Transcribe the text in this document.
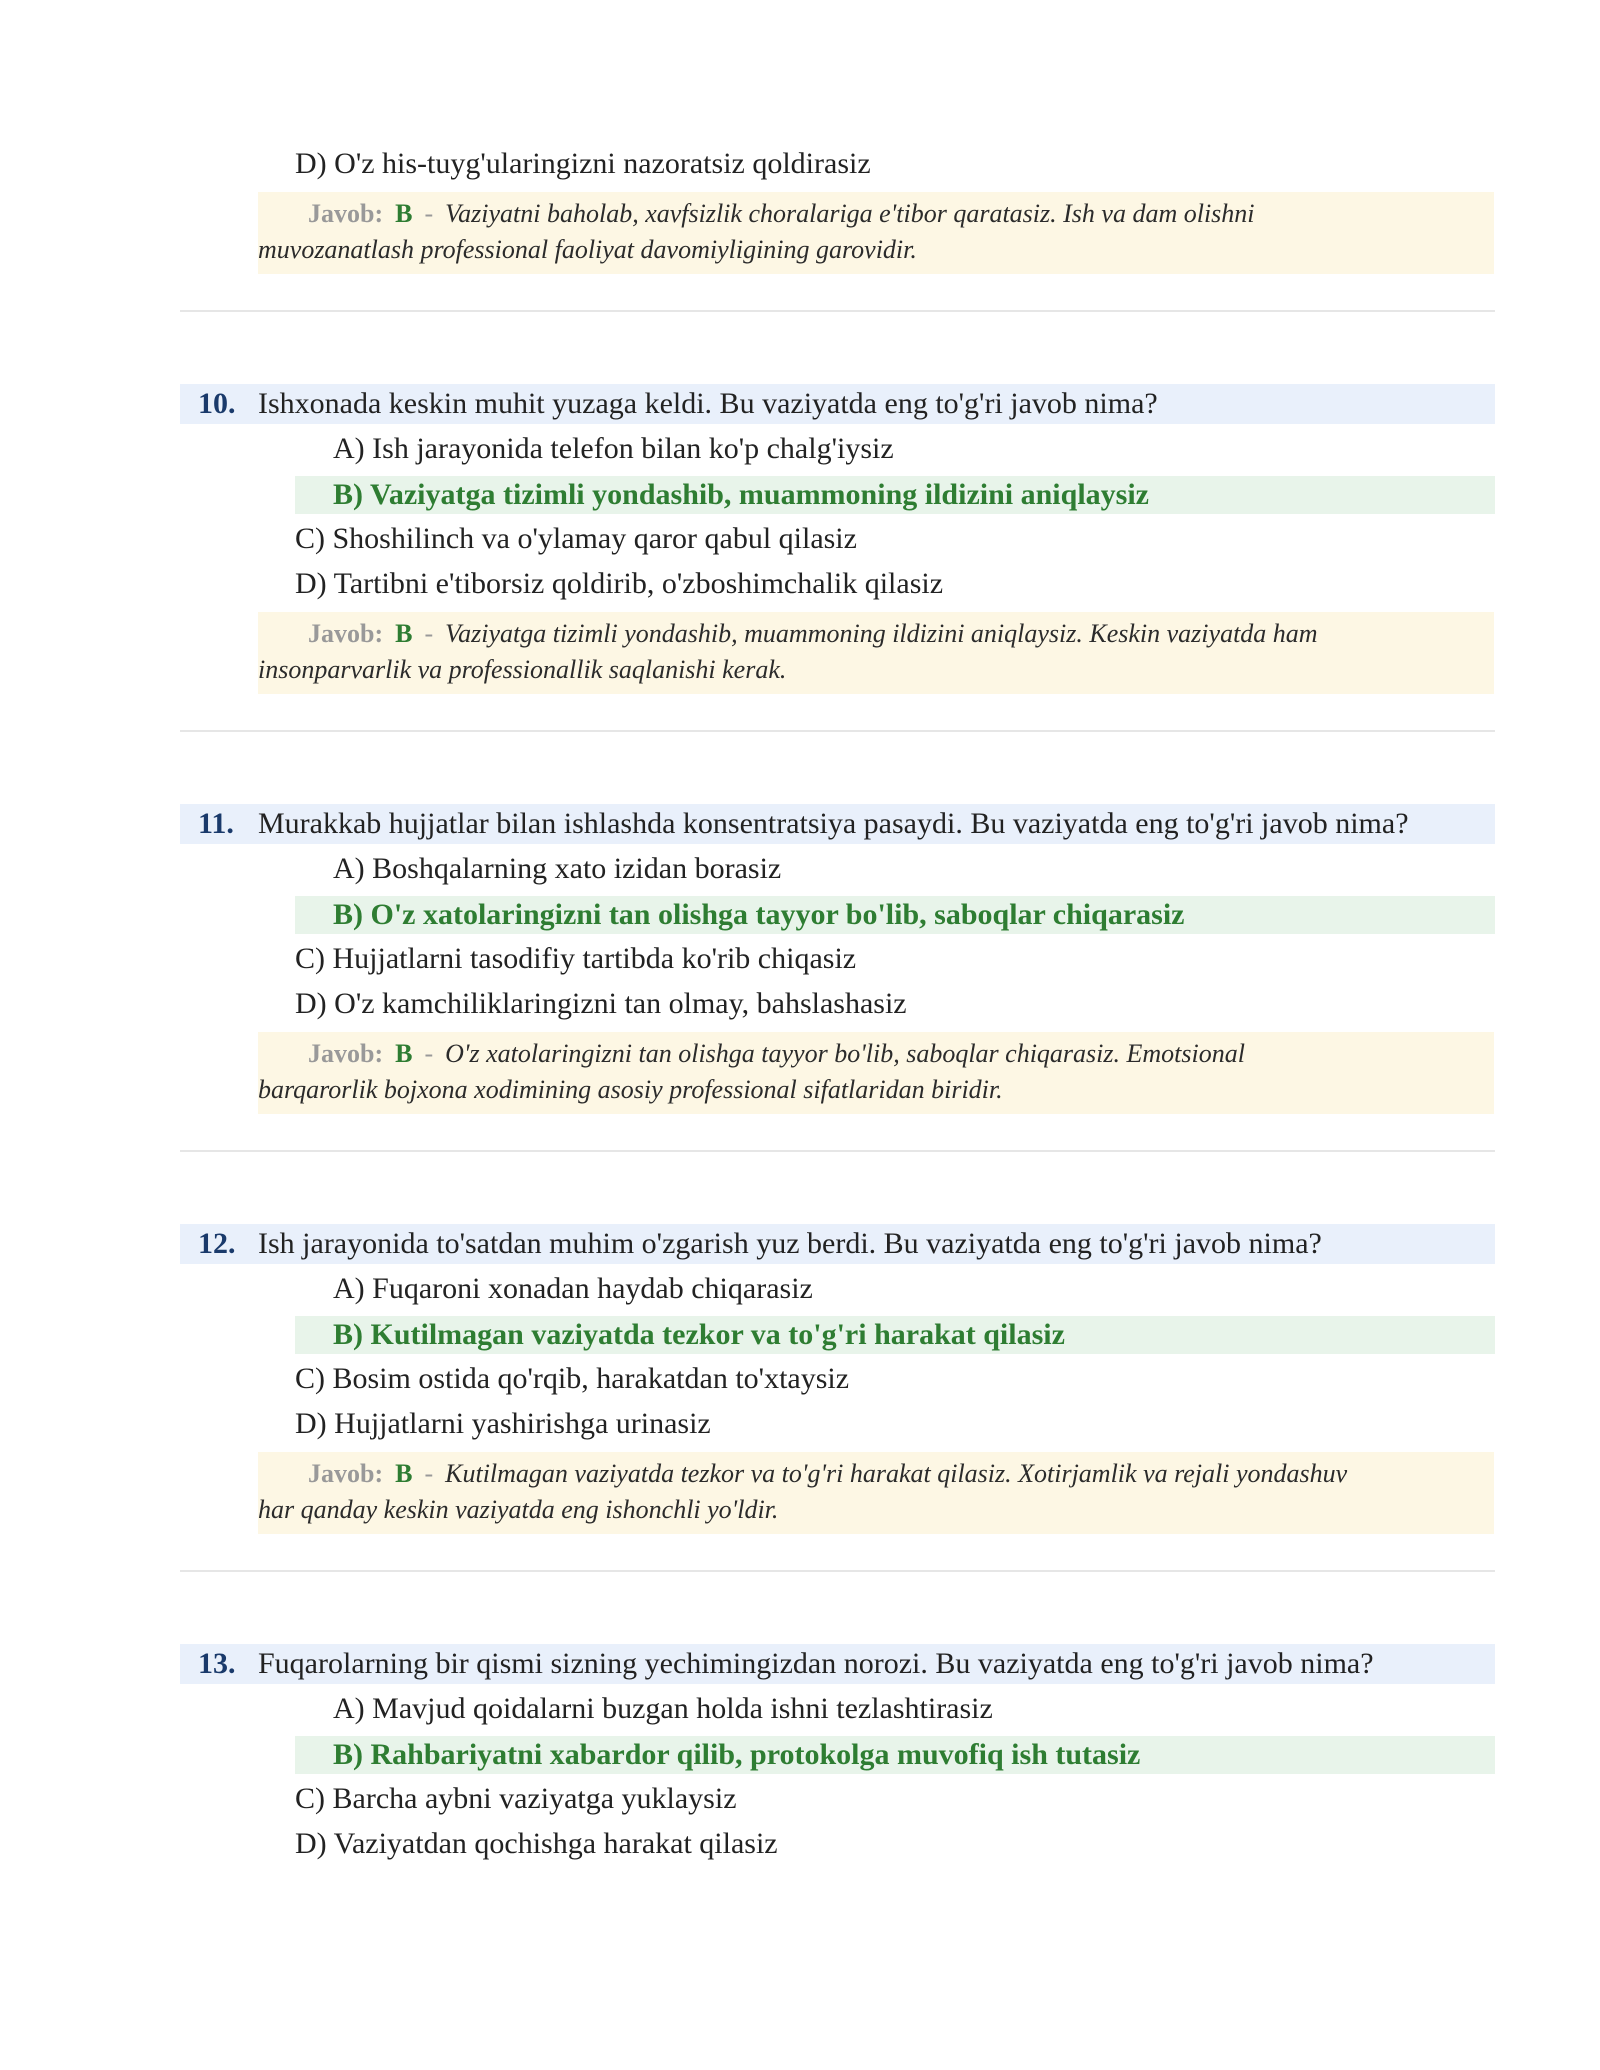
D) O'z his-tuyg'ularingizni nazoratsiz qoldirasiz
Javob: B - Vaziyatni baholab, xavfsizlik choralariga e'tibor qaratasiz. Ish va dam olishni
muvozanatlash professional faoliyat davomiyligining garovidir.
10. Ishxonada keskin muhit yuzaga keldi. Bu vaziyatda eng to'g'ri javob nima?
A) Ish jarayonida telefon bilan ko'p chalg'iysiz
B) Vaziyatga tizimli yondashib, muammoning ildizini aniqlaysiz
C) Shoshilinch va o'ylamay qaror qabul qilasiz
D) Tartibni e'tiborsiz qoldirib, o'zboshimchalik qilasiz
Javob: B - Vaziyatga tizimli yondashib, muammoning ildizini aniqlaysiz. Keskin vaziyatda ham
insonparvarlik va professionallik saqlanishi kerak.
11. Murakkab hujjatlar bilan ishlashda konsentratsiya pasaydi. Bu vaziyatda eng to'g'ri javob nima?
A) Boshqalarning xato izidan borasiz
B) O'z xatolaringizni tan olishga tayyor bo'lib, saboqlar chiqarasiz
C) Hujjatlarni tasodifiy tartibda ko'rib chiqasiz
D) O'z kamchiliklaringizni tan olmay, bahslashasiz
Javob: B - O'z xatolaringizni tan olishga tayyor bo'lib, saboqlar chiqarasiz. Emotsional
barqarorlik bojxona xodimining asosiy professional sifatlaridan biridir.
12. Ish jarayonida to'satdan muhim o'zgarish yuz berdi. Bu vaziyatda eng to'g'ri javob nima?
A) Fuqaroni xonadan haydab chiqarasiz
B) Kutilmagan vaziyatda tezkor va to'g'ri harakat qilasiz
C) Bosim ostida qo'rqib, harakatdan to'xtaysiz
D) Hujjatlarni yashirishga urinasiz
Javob: B - Kutilmagan vaziyatda tezkor va to'g'ri harakat qilasiz. Xotirjamlik va rejali yondashuv
har qanday keskin vaziyatda eng ishonchli yo'ldir.
13. Fuqarolarning bir qismi sizning yechimingizdan norozi. Bu vaziyatda eng to'g'ri javob nima?
A) Mavjud qoidalarni buzgan holda ishni tezlashtirasiz
B) Rahbariyatni xabardor qilib, protokolga muvofiq ish tutasiz
C) Barcha aybni vaziyatga yuklaysiz
D) Vaziyatdan qochishga harakat qilasiz
